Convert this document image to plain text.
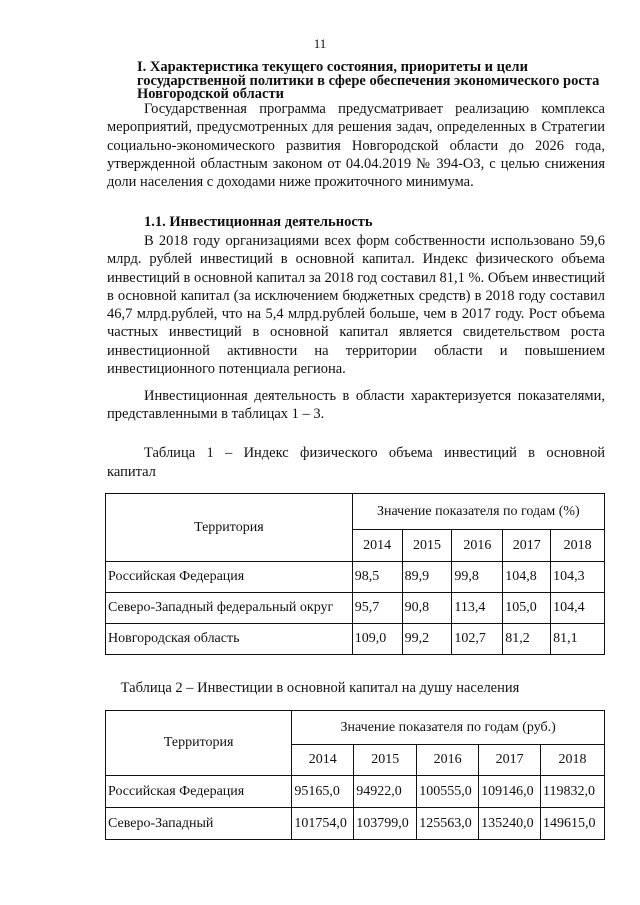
11
I. Характеристика текущего состояния, приоритеты и цели
государственной политики в сфере обеспечения экономического роста
Новгородской области

Государственная программа предусматривает реализацию комплекса мероприятий, предусмотренных для решения задач, определенных в Стратегии социально-экономического развития Новгородской области до 2026 года, утвержденной областным законом от 04.04.2019 № 394-ОЗ, с целью снижения доли населения с доходами ниже прожиточного минимума.

1.1. Инвестиционная деятельность

В 2018 году организациями всех форм собственности использовано 59,6 млрд. рублей инвестиций в основной капитал. Индекс физического объема инвестиций в основной капитал за 2018 год составил 81,1 %. Объем инвестиций в основной капитал (за исключением бюджетных средств) в 2018 году составил 46,7 млрд.рублей, что на 5,4 млрд.рублей больше, чем в 2017 году. Рост объема частных инвестиций в основной капитал является свидетельством роста инвестиционной активности на территории области и повышением инвестиционного потенциала региона.

Инвестиционная деятельность в области характеризуется показателями, представленными в таблицах 1 – 3.

Таблица 1 – Индекс физического объема инвестиций в основной
капитал
Территория	Значение показателя по годам (%)				
	2014	2015	2016	2017	2018
Российская Федерация	98,5	89,9	99,8	104,8	104,3
Северо-Западный федеральный округ	95,7	90,8	113,4	105,0	104,4
Новгородская область	109,0	99,2	102,7	81,2	81,1
Таблица 2 – Инвестиции в основной капитал на душу населения
Территория	Значение показателя по годам (руб.)				
	2014	2015	2016	2017	2018
Российская Федерация	95165,0	94922,0	100555,0	109146,0	119832,0
Северо-Западный	101754,0	103799,0	125563,0	135240,0	149615,0
